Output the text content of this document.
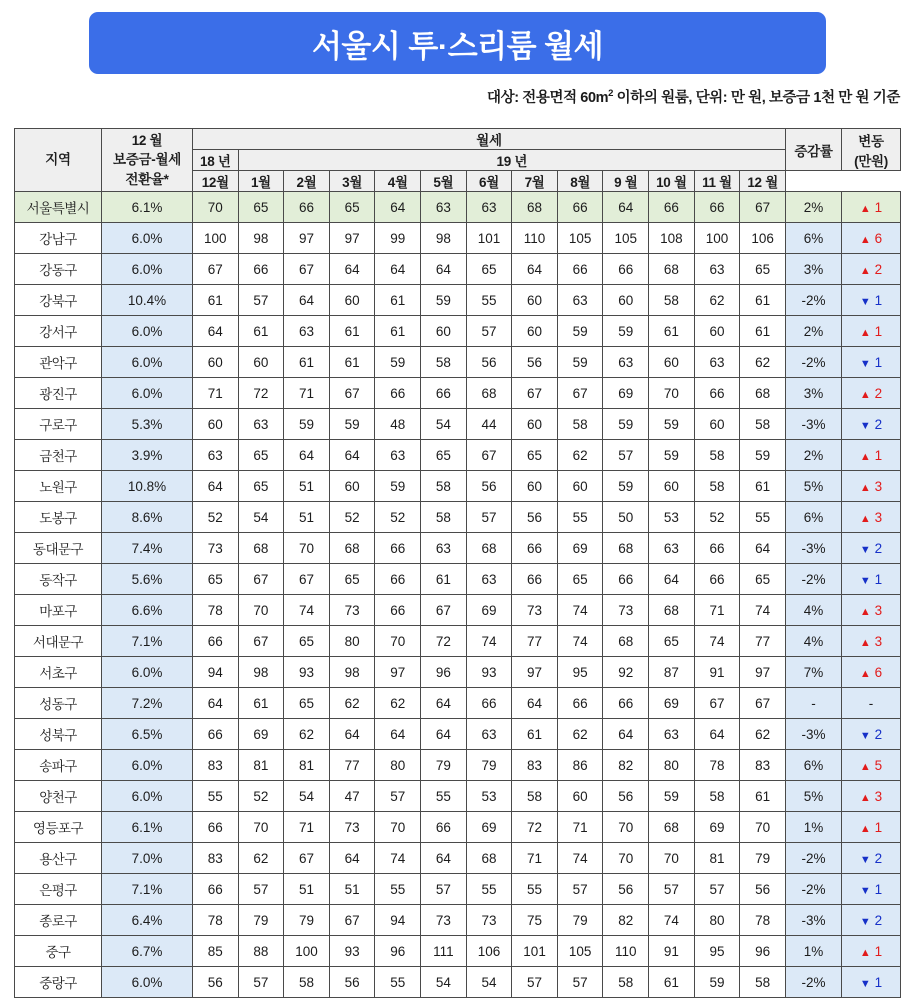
서울시 투·스리룸 월세
대상: 전용면적 $60m^2$ 이하의 원룸, 단위: 만 원, 보증금 1천 만 원 기준
지역	12 월
보증금-월세
전환율*	월세													증감률	변동
(만원)

		18 년	19 년													
		12월	1월	2월	3월	4월	5월	6월	7월	8월	9 월	10 월	11 월	12 월		
서울특별시	6.1%	70	65	66	65	64	63	63	68	66	64	66	66	67	2%	▲ 1
강남구	6.0%	100	98	97	97	99	98	101	110	105	105	108	100	106	6%	▲ 6
강동구	6.0%	67	66	67	64	64	64	65	64	66	66	68	63	65	3%	▲ 2
강북구	10.4%	61	57	64	60	61	59	55	60	63	60	58	62	61	-2%	▼ 1
강서구	6.0%	64	61	63	61	61	60	57	60	59	59	61	60	61	2%	▲ 1
관악구	6.0%	60	60	61	61	59	58	56	56	59	63	60	63	62	-2%	▼ 1
광진구	6.0%	71	72	71	67	66	66	68	67	67	69	70	66	68	3%	▲ 2
구로구	5.3%	60	63	59	59	48	54	44	60	58	59	59	60	58	-3%	▼ 2
금천구	3.9%	63	65	64	64	63	65	67	65	62	57	59	58	59	2%	▲ 1
노원구	10.8%	64	65	51	60	59	58	56	60	60	59	60	58	61	5%	▲ 3
도봉구	8.6%	52	54	51	52	52	58	57	56	55	50	53	52	55	6%	▲ 3
동대문구	7.4%	73	68	70	68	66	63	68	66	69	68	63	66	64	-3%	▼ 2
동작구	5.6%	65	67	67	65	66	61	63	66	65	66	64	66	65	-2%	▼ 1
마포구	6.6%	78	70	74	73	66	67	69	73	74	73	68	71	74	4%	▲ 3
서대문구	7.1%	66	67	65	80	70	72	74	77	74	68	65	74	77	4%	▲ 3
서초구	6.0%	94	98	93	98	97	96	93	97	95	92	87	91	97	7%	▲ 6
성동구	7.2%	64	61	65	62	62	64	66	64	66	66	69	67	67	-	-
성북구	6.5%	66	69	62	64	64	64	63	61	62	64	63	64	62	-3%	▼ 2
송파구	6.0%	83	81	81	77	80	79	79	83	86	82	80	78	83	6%	▲ 5
양천구	6.0%	55	52	54	47	57	55	53	58	60	56	59	58	61	5%	▲ 3
영등포구	6.1%	66	70	71	73	70	66	69	72	71	70	68	69	70	1%	▲ 1
용산구	7.0%	83	62	67	64	74	64	68	71	74	70	70	81	79	-2%	▼ 2
은평구	7.1%	66	57	51	51	55	57	55	55	57	56	57	57	56	-2%	▼ 1
종로구	6.4%	78	79	79	67	94	73	73	75	79	82	74	80	78	-3%	▼ 2
중구	6.7%	85	88	100	93	96	111	106	101	105	110	91	95	96	1%	▲ 1
중랑구	6.0%	56	57	58	56	55	54	54	57	57	58	61	59	58	-2%	▼ 1
